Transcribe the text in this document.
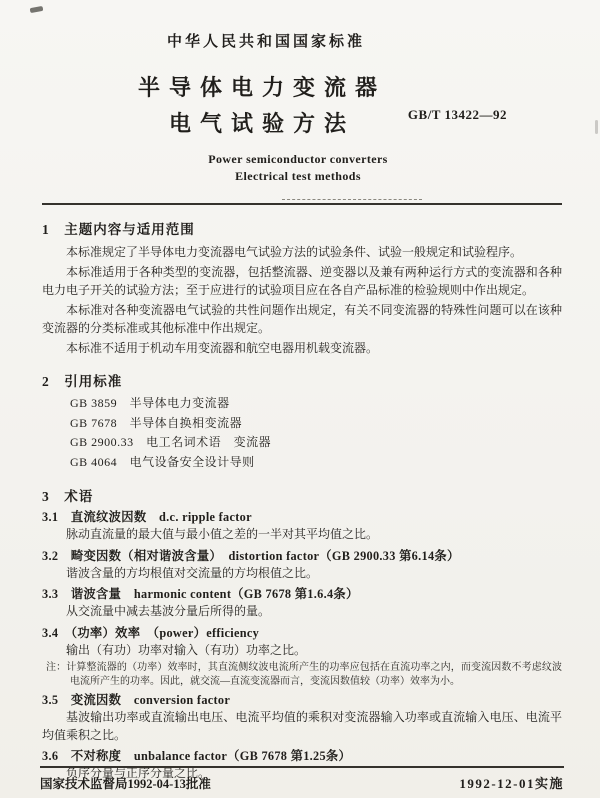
中华人民共和国国家标准
半导体电力变流器
电气试验方法	GB/T 13422—92
Power semiconductor converters
Electrical test methods
1　主题内容与适用范围
本标准规定了半导体电力变流器电气试验方法的试验条件、试验一般规定和试验程序。
本标准适用于各种类型的变流器，包括整流器、逆变器以及兼有两种运行方式的变流器和各种电力电子开关的试验方法；至于应进行的试验项目应在各自产品标准的检验规则中作出规定。
本标准对各种变流器电气试验的共性问题作出规定，有关不同变流器的特殊性问题可以在该种变流器的分类标准或其他标准中作出规定。
本标准不适用于机动车用变流器和航空电器用机载变流器。
2　引用标准
GB 3859　半导体电力变流器
GB 7678　半导体自换相变流器
GB 2900.33　电工名词术语　变流器
GB 4064　电气设备安全设计导则
3　术语
3.1　直流纹波因数　d.c. ripple factor
脉动直流量的最大值与最小值之差的一半对其平均值之比。
3.2　畸变因数（相对谐波含量）　distortion factor（GB 2900.33 第6.14条）
谐波含量的方均根值对交流量的方均根值之比。
3.3　谐波含量　harmonic content（GB 7678 第1.6.4条）
从交流量中减去基波分量后所得的量。
3.4　（功率）效率　（power）efficiency
输出（有功）功率对输入（有功）功率之比。
注：计算整流器的（功率）效率时，其直流侧纹波电流所产生的功率应包括在直流功率之内，而变流因数不考虑纹波电流所产生的功率。因此，就交流—直流变流器而言，变流因数值较（功率）效率为小。
3.5　变流因数　conversion factor
基波输出功率或直流输出电压、电流平均值的乘积对变流器输入功率或直流输入电压、电流平均值乘积之比。
3.6　不对称度　unbalance factor（GB 7678 第1.25条）
负序分量与正序分量之比。
国家技术监督局1992-04-13批准	1992-12-01实施
